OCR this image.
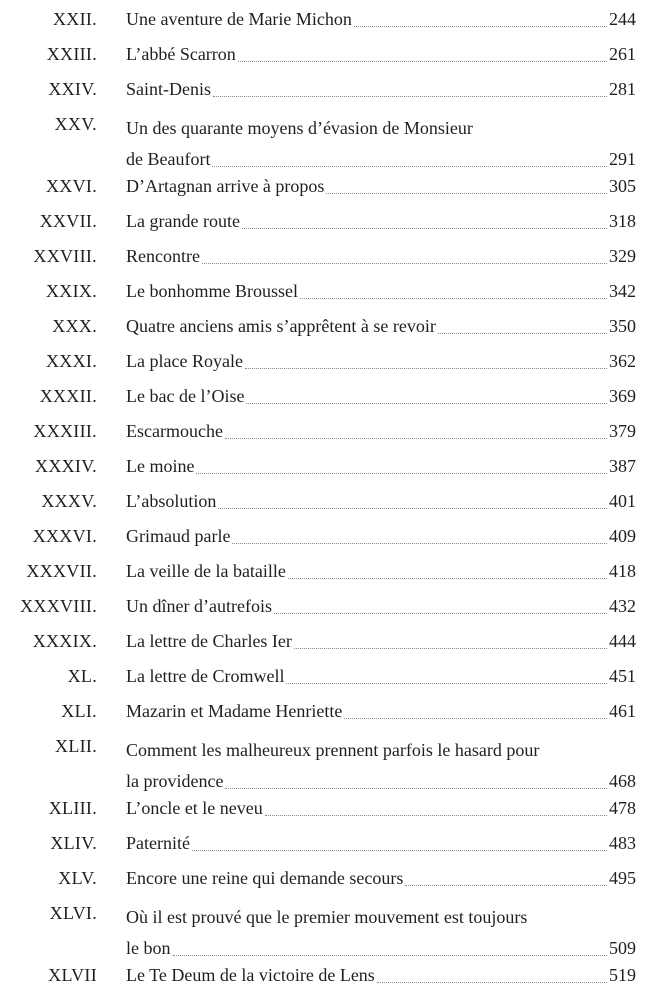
XXII. Une aventure de Marie Michon	244
XXIII. L’abbé Scarron	261
XXIV. Saint-Denis	281
XXV. Un des quarante moyens d’évasion de Monsieur
de Beaufort	291
XXVI. D’Artagnan arrive à propos	305
XXVII. La grande route	318
XXVIII. Rencontre	329
XXIX. Le bonhomme Broussel	342
XXX. Quatre anciens amis s’apprêtent à se revoir	350
XXXI. La place Royale	362
XXXII. Le bac de l’Oise	369
XXXIII. Escarmouche	379
XXXIV. Le moine	387
XXXV. L’absolution	401
XXXVI. Grimaud parle	409
XXXVII. La veille de la bataille	418
XXXVIII. Un dîner d’autrefois	432
XXXIX. La lettre de Charles Ier	444
XL. La lettre de Cromwell	451
XLI. Mazarin et Madame Henriette	461
XLII. Comment les malheureux prennent parfois le hasard pour
la providence	468
XLIII. L’oncle et le neveu	478
XLIV. Paternité	483
XLV. Encore une reine qui demande secours	495
XLVI. Où il est prouvé que le premier mouvement est toujours
le bon	509
XLVII Le Te Deum de la victoire de Lens	519
